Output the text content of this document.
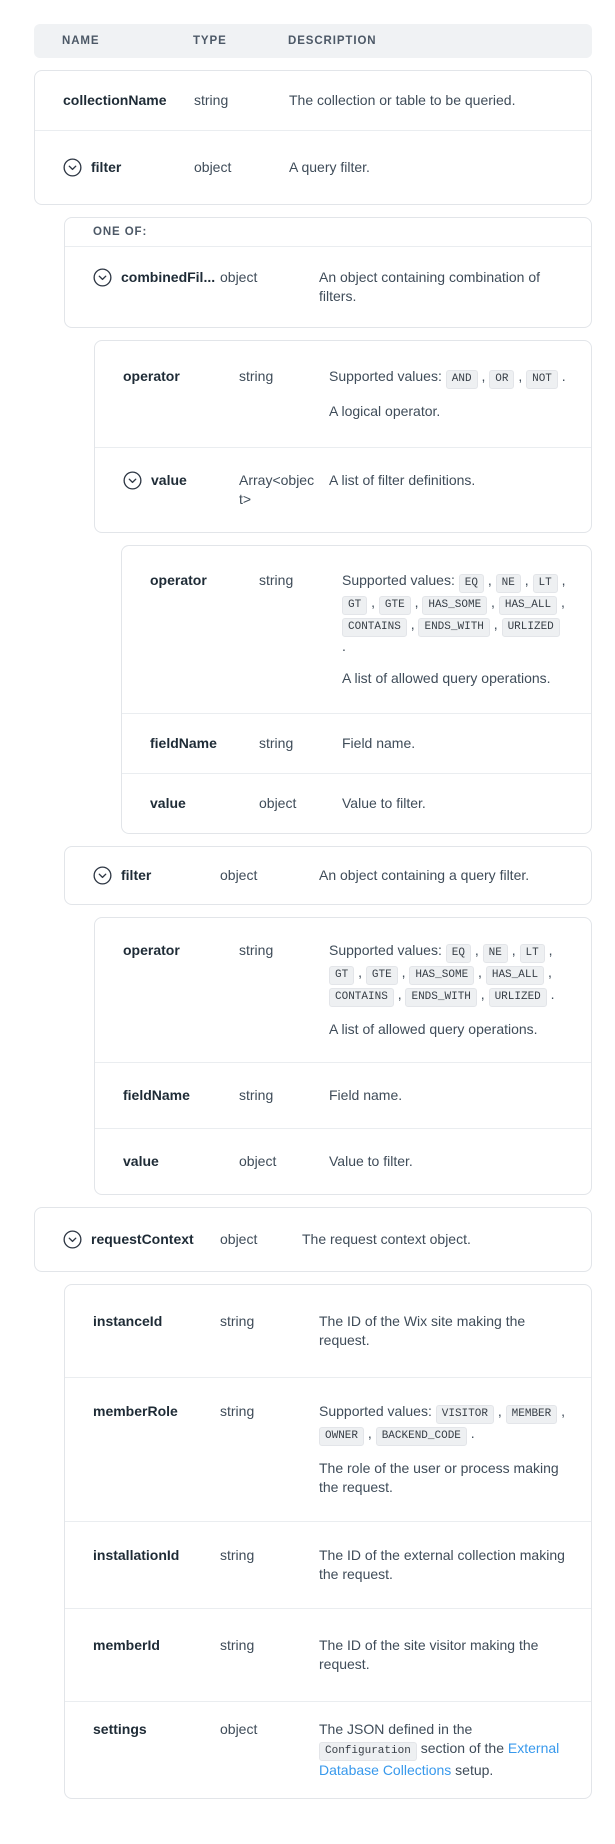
NAME	TYPE	DESCRIPTION
collectionName string	The collection or table to be queried.

filter	object	A query filter.

ONE OF:
combinedFil... object	An object containing combination of filters.

operator	string	Supported values: AND , OR , NOT .

A logical operator.

value	Array<object>

A list of filter definitions.

operator	string	Supported values: EQ , NE , LT , GT , GTE , HAS_SOME , HAS_ALL , CONTAINS , ENDS_WITH , URLIZED .

A list of allowed query operations.

fieldName	string	Field name.

value	object	Value to filter.

filter	object	An object containing a query filter.

operator	string	Supported values: EQ , NE , LT , GT , GTE , HAS_SOME , HAS_ALL , CONTAINS , ENDS_WITH , URLIZED .

A list of allowed query operations.

fieldName	string	Field name.

value	object	Value to filter.

requestContext object	The request context object.

instanceId	string	The ID of the Wix site making the request.

memberRole	string	Supported values: VISITOR , MEMBER , OWNER , BACKEND_CODE .

The role of the user or process making the request.

installationId	string	The ID of the external collection making the request.

memberId	string	The ID of the site visitor making the request.

settings	object	The JSON defined in the Configuration section of the External Database Collections setup.
